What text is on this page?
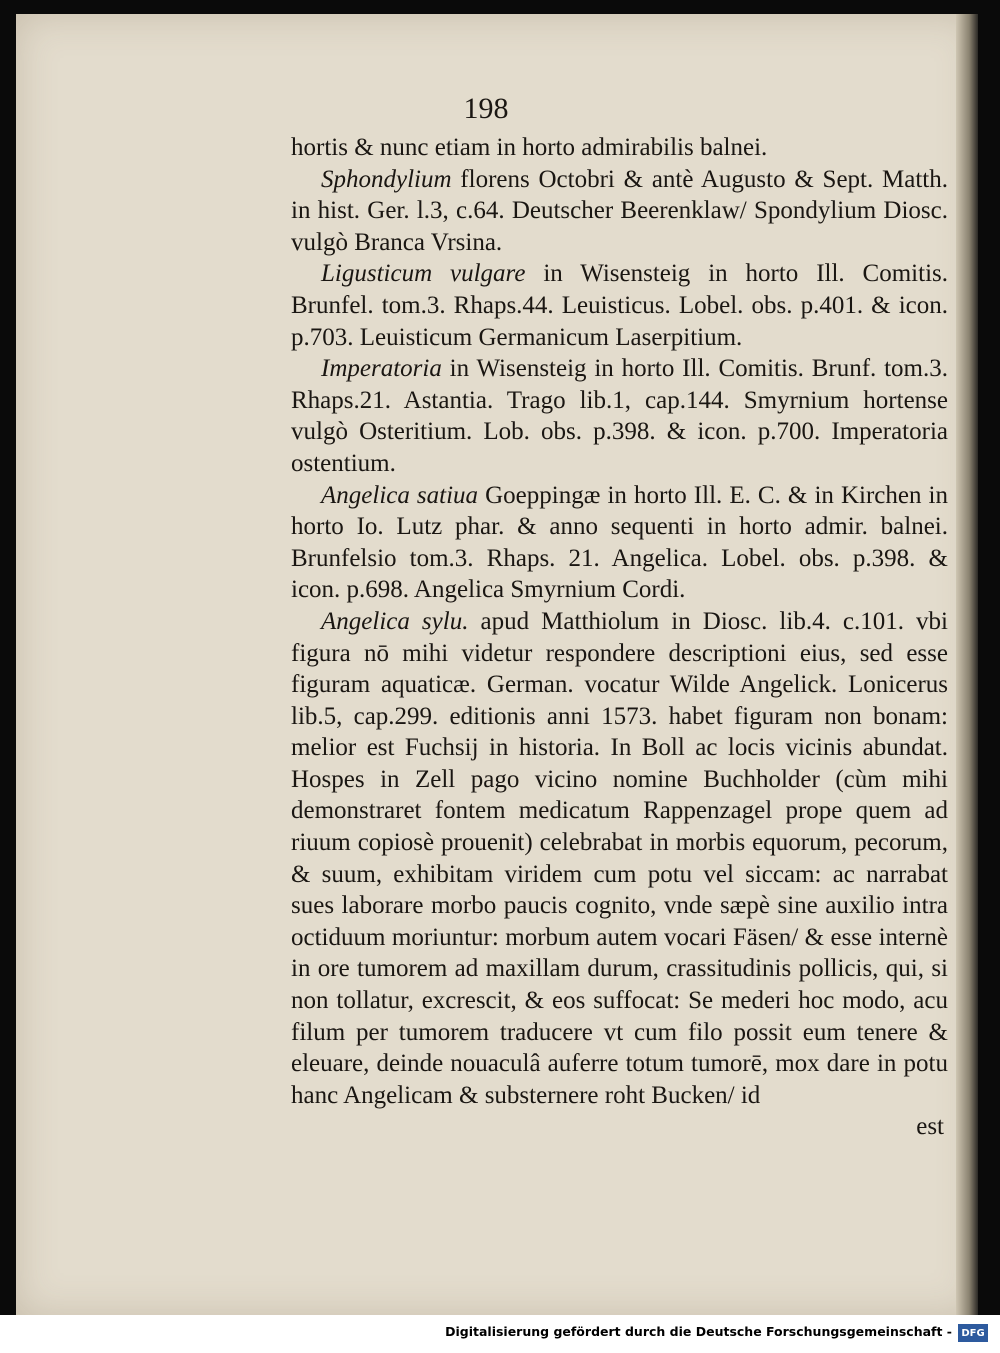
198

hortis & nunc etiam in horto admirabilis balnei.

Sphondylium florens Octobri & antè Augusto & Sept. Matth. in hist. Ger. l.3, c.64. Deutscher Beerenklaw/ Spondylium Diosc. vulgò Branca Vrsina.

Ligusticum vulgare in Wisensteig in horto Ill. Comitis. Brunfel. tom.3. Rhaps.44. Leuisticus. Lobel. obs. p.401. & icon. p.703. Leuisticum Germanicum Laserpitium.

Imperatoria in Wisensteig in horto Ill. Comitis. Brunf. tom.3. Rhaps.21. Astantia. Trago lib.1, cap.144. Smyrnium hortense vulgò Osteritium. Lob. obs. p.398. & icon. p.700. Imperatoria ostentium.

Angelica satiua Goeppingæ in horto Ill. E. C. & in Kirchen in horto Io. Lutz phar. & anno sequenti in horto admir. balnei. Brunfelsio tom.3. Rhaps. 21. Angelica. Lobel. obs. p.398. & icon. p.698. Angelica Smyrnium Cordi.

Angelica sylu. apud Matthiolum in Diosc. lib.4. c.101. vbi figura nō mihi videtur respondere descriptioni eius, sed esse figuram aquaticæ. German. vocatur Wilde Angelick. Lonicerus lib.5, cap.299. editionis anni 1573. habet figuram non bonam: melior est Fuchsij in historia. In Boll ac locis vicinis abundat. Hospes in Zell pago vicino nomine Buchholder (cùm mihi demonstraret fontem medicatum Rappenzagel prope quem ad riuum copiosè prouenit) celebrabat in morbis equorum, pecorum, & suum, exhibitam viridem cum potu vel siccam: ac narrabat sues laborare morbo paucis cognito, vnde sæpè sine auxilio intra octiduum moriuntur: morbum autem vocari Fäsen/ & esse internè in ore tumorem ad maxillam durum, crassitudinis pollicis, qui, si non tollatur, excrescit, & eos suffocat: Se mederi hoc modo, acu filum per tumorem traducere vt cum filo possit eum tenere & eleuare, deinde nouaculâ auferre totum tumorē, mox dare in potu hanc Angelicam & substernere roht Bucken/ id

est

Digitalisierung gefördert durch die Deutsche Forschungsgemeinschaft - DFG
